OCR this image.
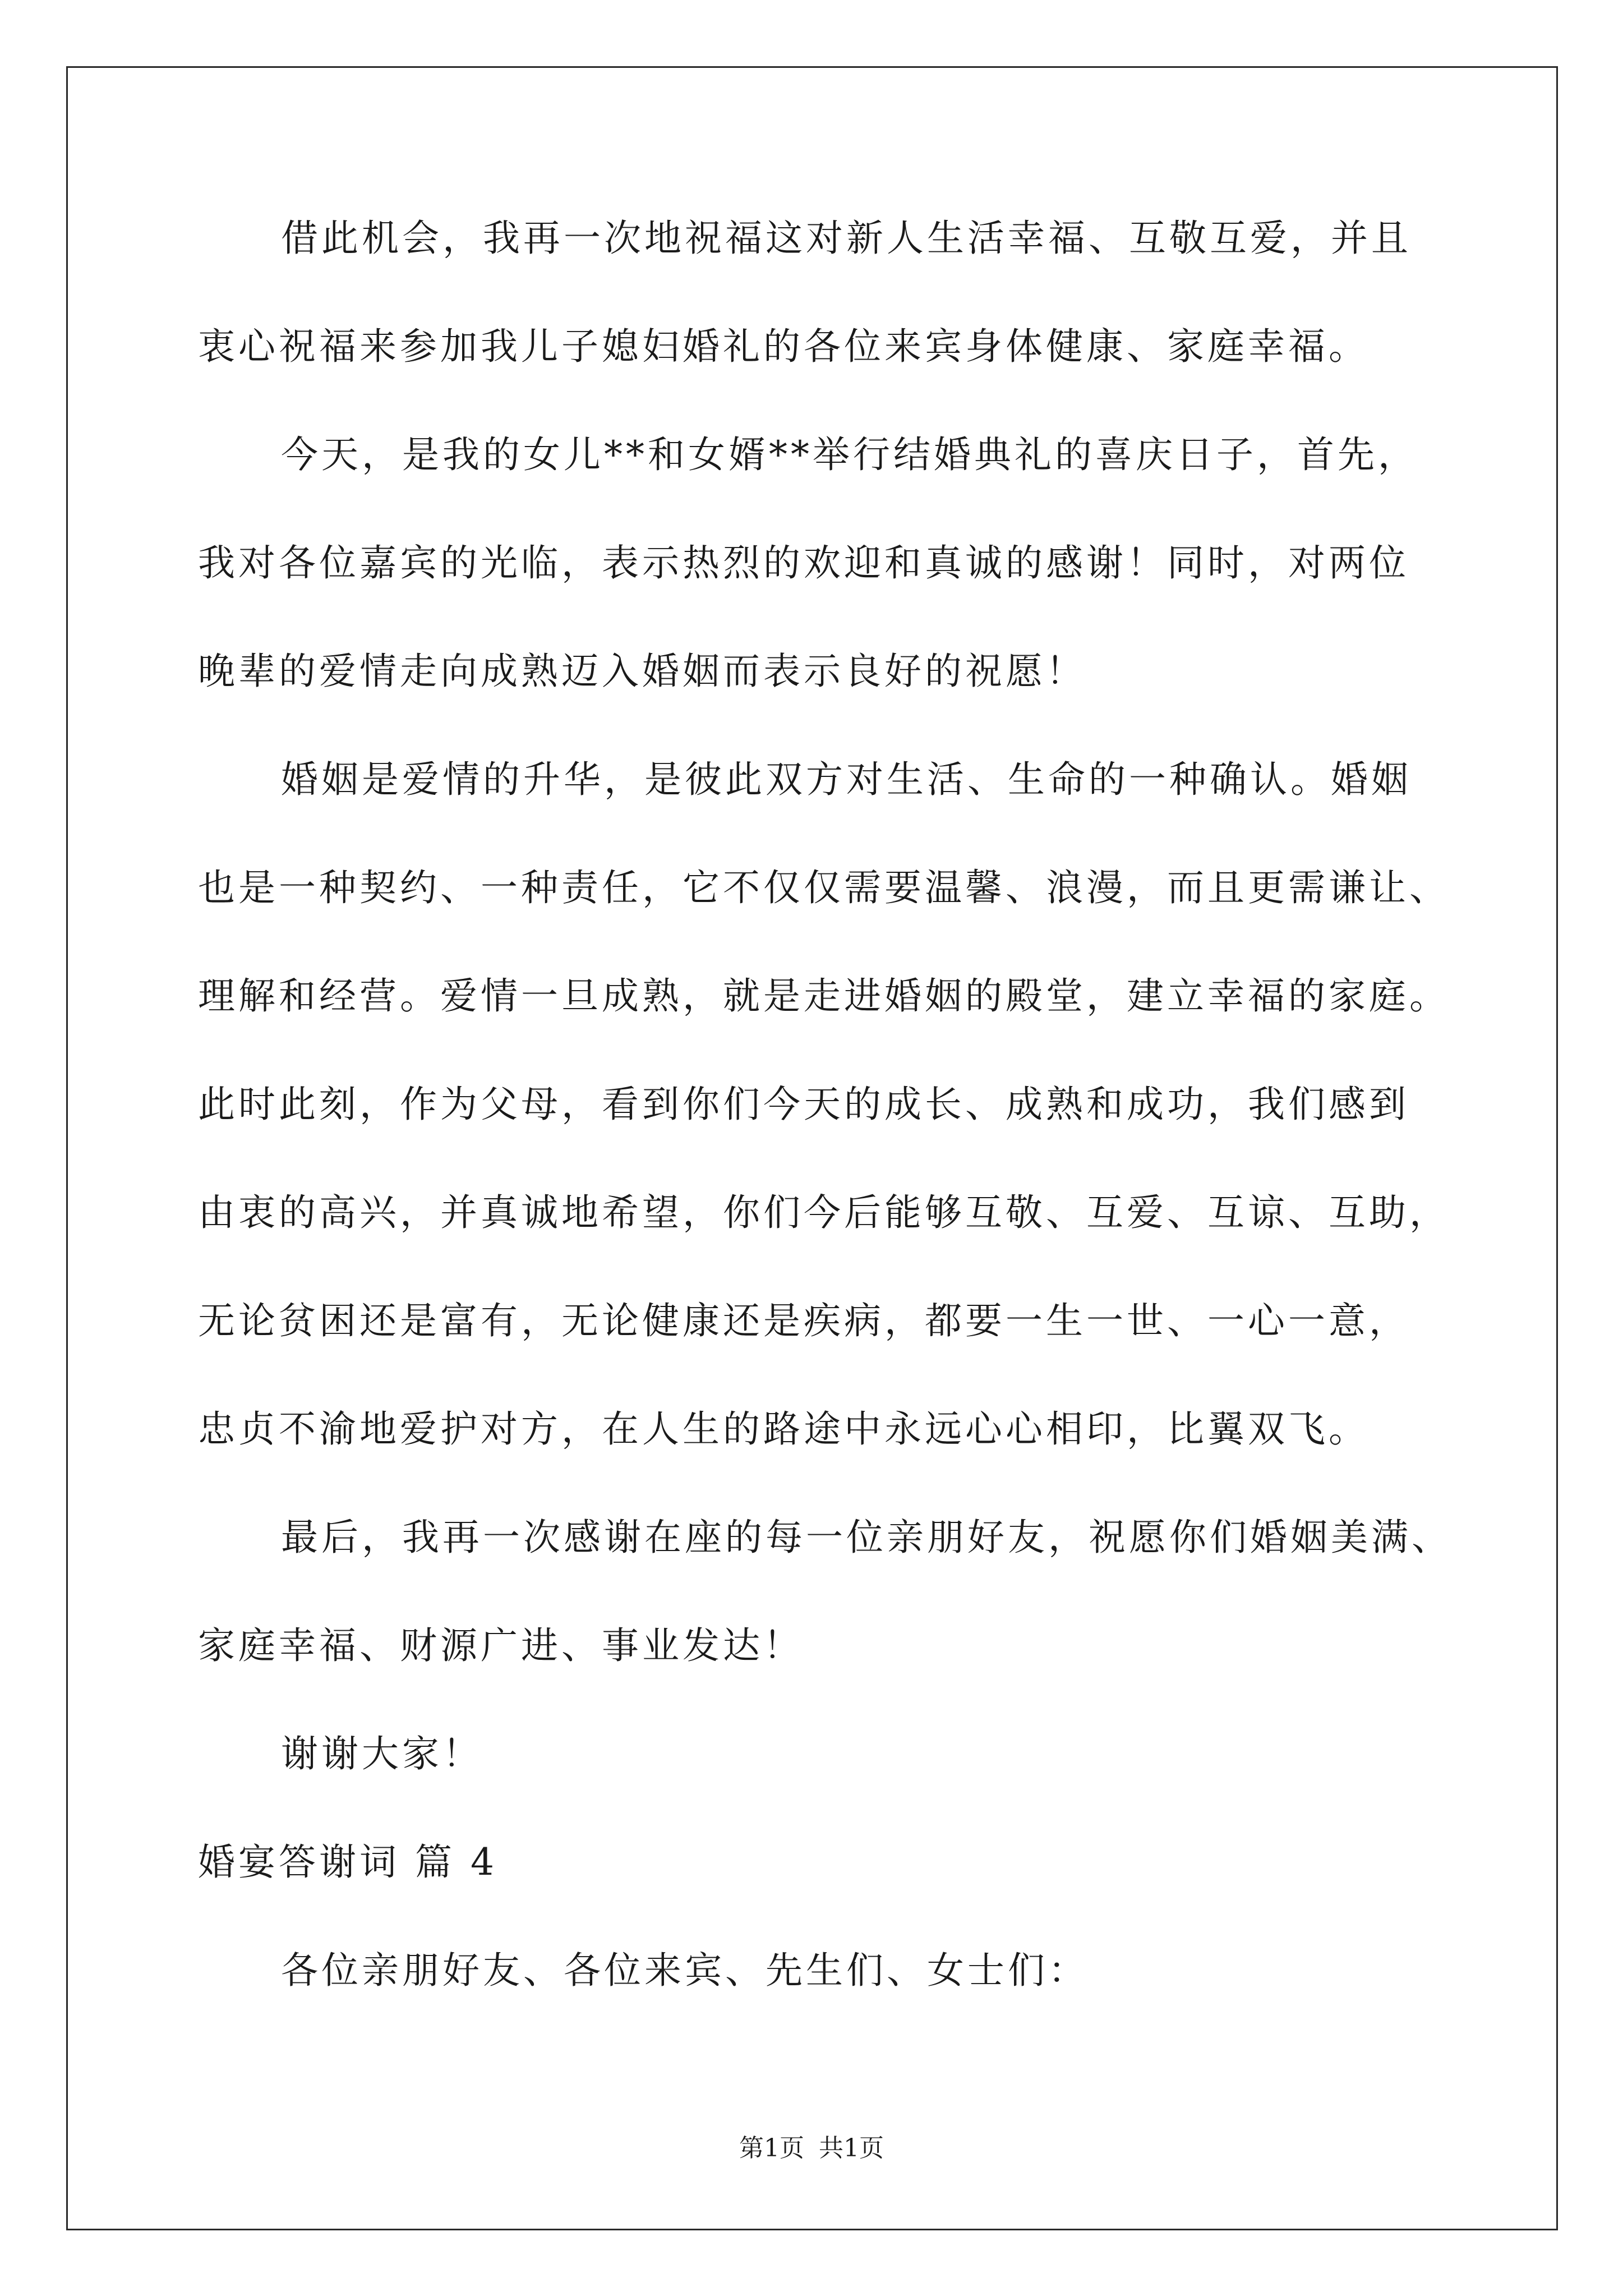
借此机会，我再一次地祝福这对新人生活幸福、互敬互爱，并且
衷心祝福来参加我儿子媳妇婚礼的各位来宾身体健康、家庭幸福。
今天，是我的女儿**和女婿**举行结婚典礼的喜庆日子，首先，
我对各位嘉宾的光临，表示热烈的欢迎和真诚的感谢！同时，对两位
晚辈的爱情走向成熟迈入婚姻而表示良好的祝愿！
婚姻是爱情的升华，是彼此双方对生活、生命的一种确认。婚姻
也是一种契约、一种责任，它不仅仅需要温馨、浪漫，而且更需谦让、
理解和经营。爱情一旦成熟，就是走进婚姻的殿堂，建立幸福的家庭。
此时此刻，作为父母，看到你们今天的成长、成熟和成功，我们感到
由衷的高兴，并真诚地希望，你们今后能够互敬、互爱、互谅、互助，
无论贫困还是富有，无论健康还是疾病，都要一生一世、一心一意，
忠贞不渝地爱护对方，在人生的路途中永远心心相印，比翼双飞。
最后，我再一次感谢在座的每一位亲朋好友，祝愿你们婚姻美满、
家庭幸福、财源广进、事业发达！
谢谢大家！
婚宴答谢词 篇 4
各位亲朋好友、各位来宾、先生们、女士们：
第1页 共1页
